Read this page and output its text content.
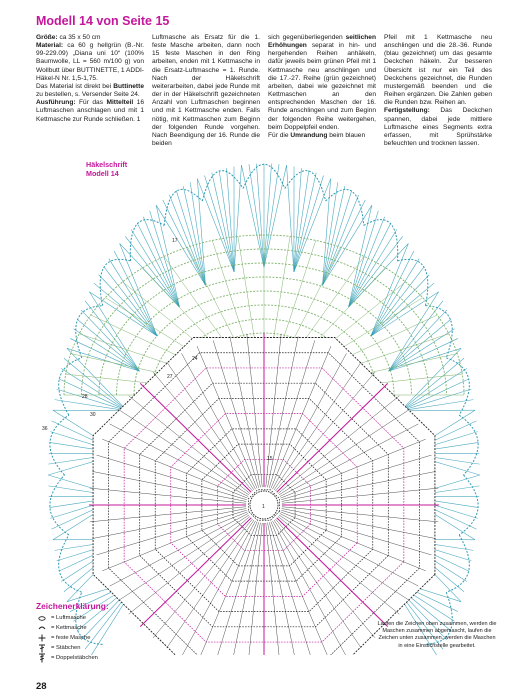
Modell 14 von Seite 15

Größe: ca 35 x 50 cm

Material: ca 60 g hellgrün (B.-Nr. 99-229.09) „Diana uni 10“ (100% Baumwolle, LL = 560 m/100 g) von Wollbutt über BUTTINETTE, 1 ADDI-Häkel-N Nr. 1,5-1,75.

Das Material ist direkt bei Buttinette zu bestellen, s. Versender Seite 24.

Ausführung: Für das Mittelteil 16 Luftmaschen anschlagen und mit 1 Kettmasche zur Runde schließen. 1

Luftmasche als Ersatz für die 1. feste Masche arbeiten, dann noch 15 feste Maschen in den Ring arbeiten, enden mit 1 Kettmasche in die Ersatz-Luftmasche = 1. Runde. Nach der Häkelschrift weiterarbeiten, dabei jede Runde mit der in der Häkelschrift gezeichneten Anzahl von Luftmaschen beginnen und mit 1 Kettmasche enden. Falls nötig, mit Kettmaschen zum Beginn der folgenden Runde vorgehen. Nach Beendigung der 16. Runde die beiden

sich gegenüberliegenden seitlichen Erhöhungen separat in hin- und hergehenden Reihen anhäkeln, dafür jeweils beim grünen Pfeil mit 1 Kettmasche neu anschlingen und die 17.-27. Reihe (grün gezeichnet) arbeiten, dabei wie gezeichnet mit Kettmaschen an den entsprechenden Maschen der 16. Runde anschlingen und zum Beginn der folgenden Reihe weitergehen, beim Doppelpfeil enden.

Für die Umrandung beim blauen

Pfeil mit 1 Kettmasche neu anschlingen und die 28.-36. Runde (blau gezeichnet) um das gesamte Deckchen häkeln. Zur besseren Übersicht ist nur ein Teil des Deckchens gezeichnet, die Runden mustergemäß beenden und die Reihen ergänzen. Die Zahlen geben die Runden bzw. Reihen an.

Fertigstellung: Das Deckchen spannen, dabei jede mittlere Luftmasche eines Segments extra erfassen, mit Sprühstärke befeuchten und trocknen lassen.

17
24
27
28
30
36
15
1
Häkelschrift
Modell 14
Zeichenerklärung:
= Luftmasche
= Kettmasche
= feste Masche
= Stäbchen
= Doppelstäbchen
Laufen die Zeichen oben zusammen, werden die Maschen zusammen abgemascht, laufen die Zeichen unten zusammen, werden die Maschen in eine Einstichstelle gearbeitet.
28
